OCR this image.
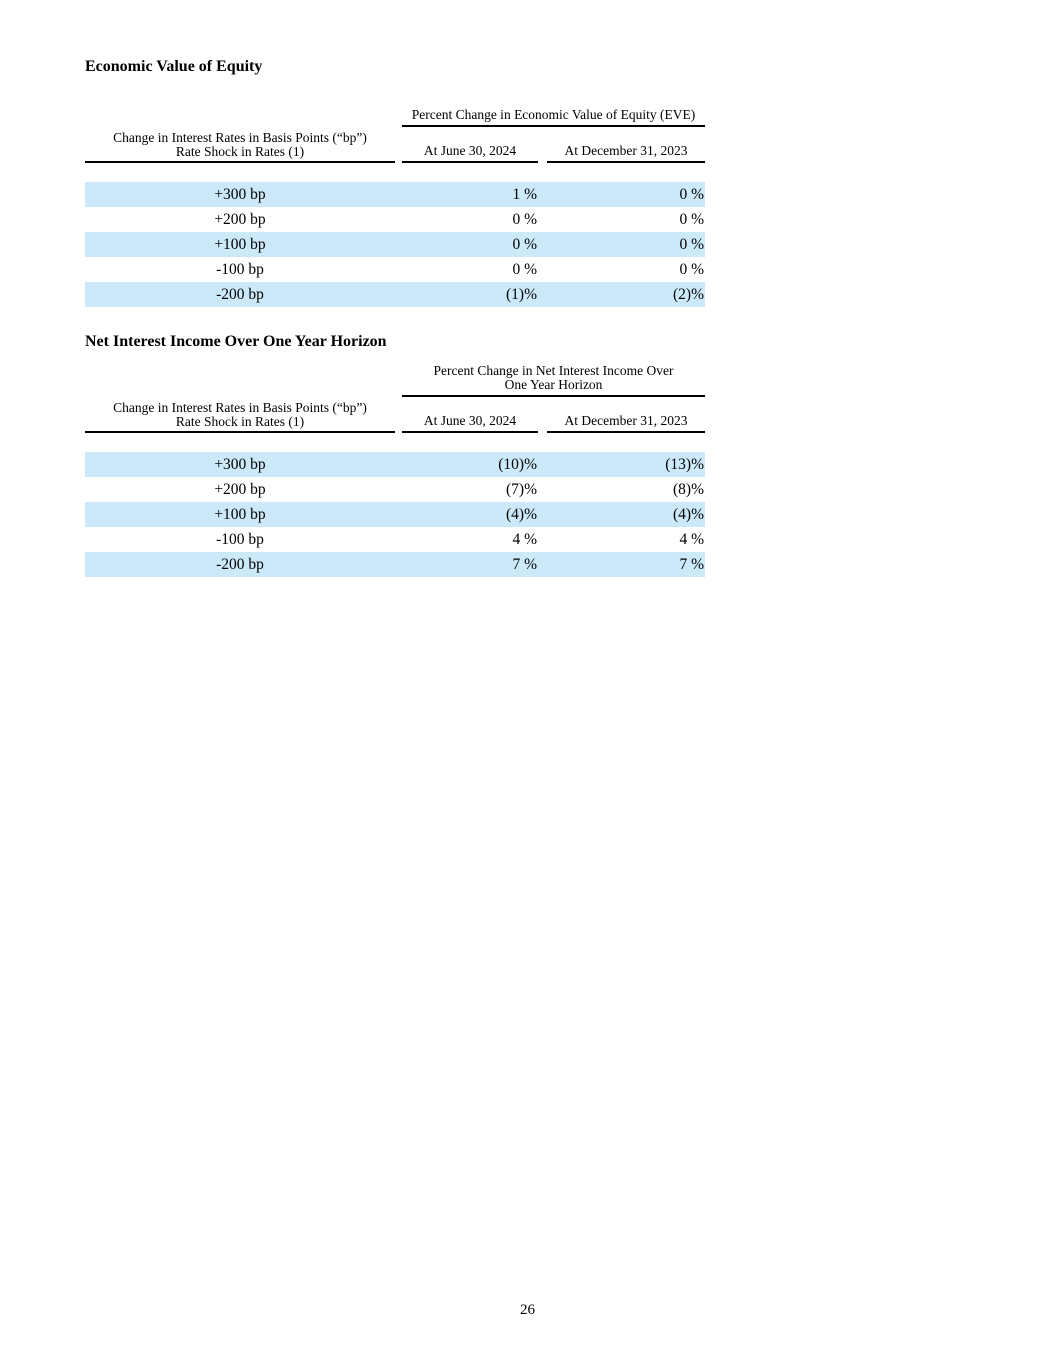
Economic Value of Equity

		Percent Change in Economic Value of Equity (EVE)		

Change in Interest Rates in Basis Points (“bp”)
Rate Shock in Rates (1)		At June 30, 2024		At December 31, 2023

+300 bp		1 %		0 %
+200 bp		0 %		0 %
+100 bp		0 %		0 %
-100 bp		0 %		0 %
-200 bp		(1)%		(2)%
Net Interest Income Over One Year Horizon

		Percent Change in Net Interest Income Over
One Year Horizon		

Change in Interest Rates in Basis Points (“bp”)
Rate Shock in Rates (1)		At June 30, 2024		At December 31, 2023

+300 bp		(10)%		(13)%
+200 bp		(7)%		(8)%
+100 bp		(4)%		(4)%
-100 bp		4 %		4 %
-200 bp		7 %		7 %
26
